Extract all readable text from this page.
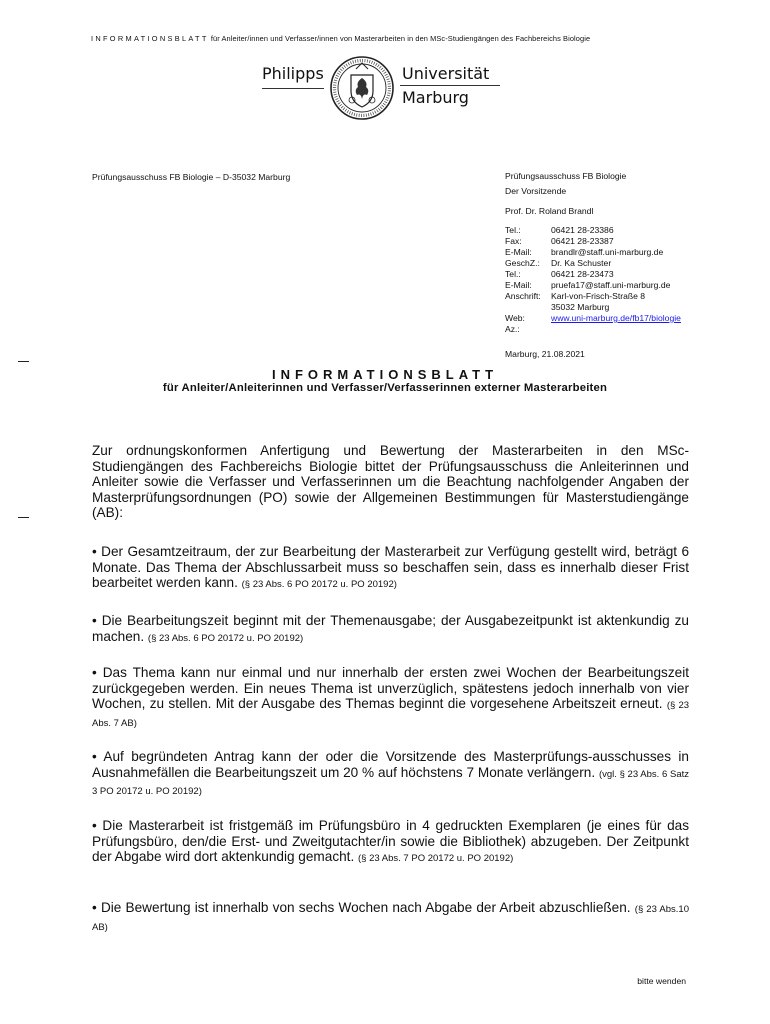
INFORMATIONSBLATT für Anleiter/innen und Verfasser/innen von Masterarbeiten in den MSc-Studiengängen des Fachbereichs Biologie
Philipps	Universität
Marburg
Prüfungsausschuss FB Biologie – D-35032 Marburg	Prüfungsausschuss FB Biologie
Der Vorsitzende
Prof. Dr. Roland Brandl
Tel.:	06421 28-23386
Fax:	06421 28-23387
E-Mail: brandlr@staff.uni-marburg.de
GeschZ.: Dr. Ka Schuster
Tel.:	06421 28-23473
E-Mail: pruefa17@staff.uni-marburg.de
Anschrift: Karl-von-Frisch-Straße 8
35032 Marburg
Web:	www.uni-marburg.de/fb17/biologie
Az.:
Marburg, 21.08.2021
INFORMATIONSBLATT
für Anleiter/Anleiterinnen und Verfasser/Verfasserinnen externer Masterarbeiten

Zur ordnungskonformen Anfertigung und Bewertung der Masterarbeiten in den MSc-Studiengängen des Fachbereichs Biologie bittet der Prüfungsausschuss die Anleiterinnen und Anleiter sowie die Verfasser und Verfasserinnen um die Beachtung nachfolgender Angaben der Masterprüfungsordnungen (PO) sowie der Allgemeinen Bestimmungen für Masterstudiengänge (AB):

• Der Gesamtzeitraum, der zur Bearbeitung der Masterarbeit zur Verfügung gestellt wird, beträgt 6 Monate. Das Thema der Abschlussarbeit muss so beschaffen sein, dass es innerhalb dieser Frist bearbeitet werden kann. (§ 23 Abs. 6 PO 20172 u. PO 20192)

• Die Bearbeitungszeit beginnt mit der Themenausgabe; der Ausgabezeitpunkt ist aktenkundig zu machen. (§ 23 Abs. 6 PO 20172 u. PO 20192)

• Das Thema kann nur einmal und nur innerhalb der ersten zwei Wochen der Bearbeitungszeit zurückgegeben werden. Ein neues Thema ist unverzüglich, spätestens jedoch innerhalb von vier Wochen, zu stellen. Mit der Ausgabe des Themas beginnt die vorgesehene Arbeitszeit erneut. (§ 23 Abs. 7 AB)

• Auf begründeten Antrag kann der oder die Vorsitzende des Masterprüfungs-ausschusses in Ausnahmefällen die Bearbeitungszeit um 20 % auf höchstens 7 Monate verlängern. (vgl. § 23 Abs. 6 Satz 3 PO 20172 u. PO 20192)

• Die Masterarbeit ist fristgemäß im Prüfungsbüro in 4 gedruckten Exemplaren (je eines für das Prüfungsbüro, den/die Erst- und Zweitgutachter/in sowie die Bibliothek) abzugeben. Der Zeitpunkt der Abgabe wird dort aktenkundig gemacht. (§ 23 Abs. 7 PO 20172 u. PO 20192)

• Die Bewertung ist innerhalb von sechs Wochen nach Abgabe der Arbeit abzuschließen. (§ 23 Abs.10 AB)

bitte wenden
